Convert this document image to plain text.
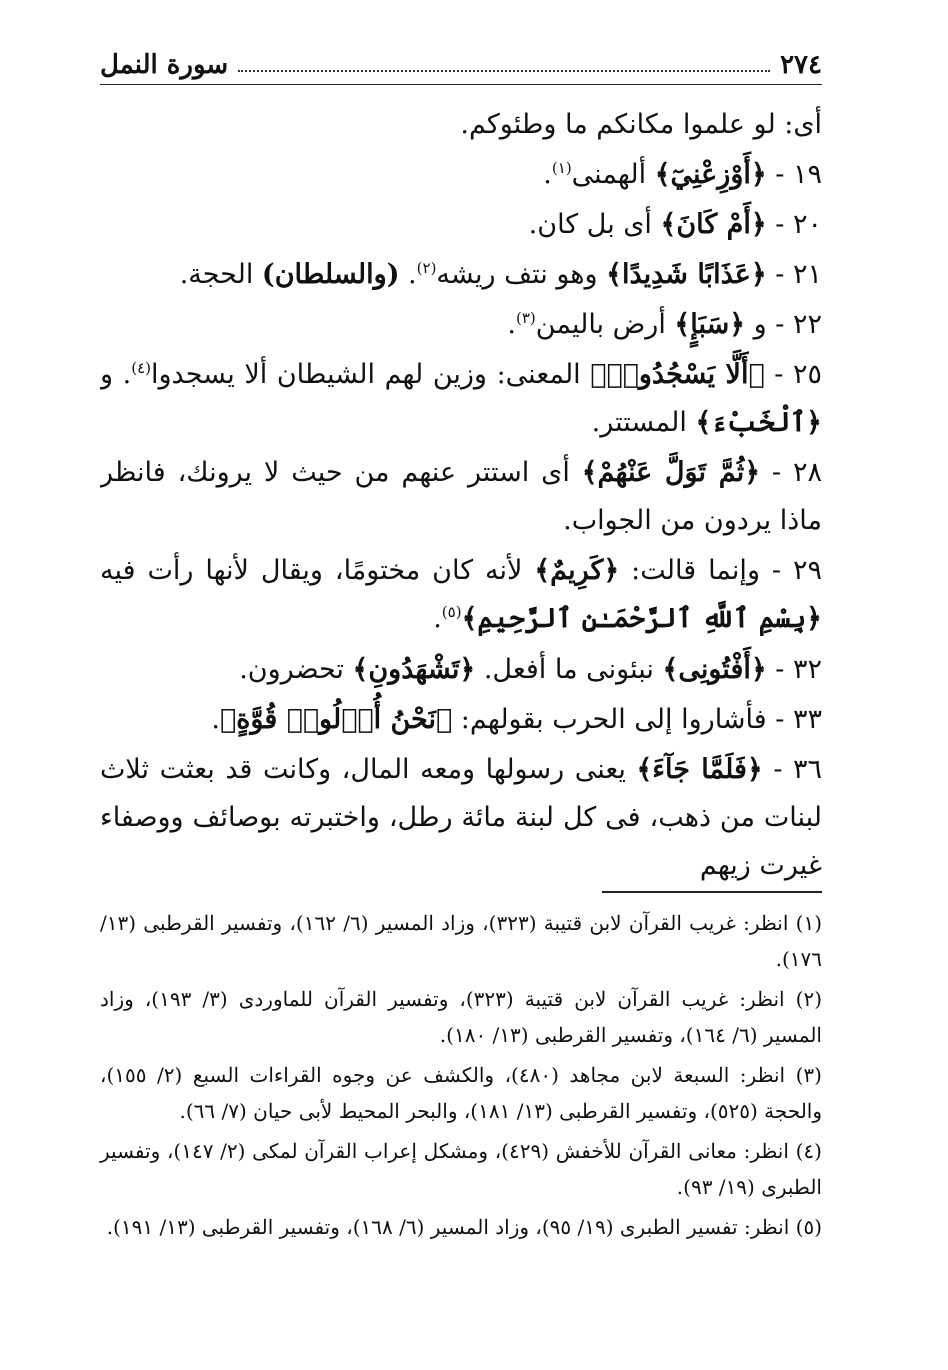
٢٧٤
سورة النمل

أى: لو علموا مكانكم ما وطئوكم.

١٩ - ﴿أَوْزِعْنِيٓ﴾ ألهمنى$^{(١)}$.

٢٠ - ﴿أَمْ كَانَ﴾ أى بل كان.

٢١ - ﴿عَذَابًا شَدِيدًا﴾ وهو نتف ريشه$^{(٢)}$. (والسلطان) الحجة.

٢٢ - و ﴿سَبَإٍ﴾ أرض باليمن$^{(٣)}$.

٢٥ - ﴿أَلَّا يَسْجُدُوا۟﴾ المعنى: وزين لهم الشيطان ألا يسجدوا$^{(٤)}$. و ﴿ٱلْخَبْءَ﴾ المستتر.

٢٨ - ﴿ثُمَّ تَوَلَّ عَنْهُمْ﴾ أى استتر عنهم من حيث لا يرونك، فانظر ماذا يردون من الجواب.

٢٩ - وإنما قالت: ﴿كَرِيمٌ﴾ لأنه كان مختومًا، ويقال لأنها رأت فيه ﴿بِسْمِ ٱللَّهِ ٱلرَّحْمَـٰنِ ٱلرَّحِيمِ﴾$^{(٥)}$.

٣٢ - ﴿أَفْتُونِى﴾ نبئونى ما أفعل. ﴿تَشْهَدُونِ﴾ تحضرون.

٣٣ - فأشاروا إلى الحرب بقولهم: ﴿نَحْنُ أُو۟لُوا۟ قُوَّةٍ﴾.

٣٦ - ﴿فَلَمَّا جَآءَ﴾ يعنى رسولها ومعه المال، وكانت قد بعثت ثلاث لبنات من ذهب، فى كل لبنة مائة رطل، واختبرته بوصائف ووصفاء غيرت زيهم

(١) انظر: غريب القرآن لابن قتيبة (٣٢٣)، وزاد المسير (٦/ ١٦٢)، وتفسير القرطبى (١٣/ ١٧٦).

(٢) انظر: غريب القرآن لابن قتيبة (٣٢٣)، وتفسير القرآن للماوردى (٣/ ١٩٣)، وزاد المسير (٦/ ١٦٤)، وتفسير القرطبى (١٣/ ١٨٠).

(٣) انظر: السبعة لابن مجاهد (٤٨٠)، والكشف عن وجوه القراءات السبع (٢/ ١٥٥)، والحجة (٥٢٥)، وتفسير القرطبى (١٣/ ١٨١)، والبحر المحيط لأبى حيان (٧/ ٦٦).

(٤) انظر: معانى القرآن للأخفش (٤٢٩)، ومشكل إعراب القرآن لمكى (٢/ ١٤٧)، وتفسير الطبرى (١٩/ ٩٣).

(٥) انظر: تفسير الطبرى (١٩/ ٩٥)، وزاد المسير (٦/ ١٦٨)، وتفسير القرطبى (١٣/ ١٩١).
